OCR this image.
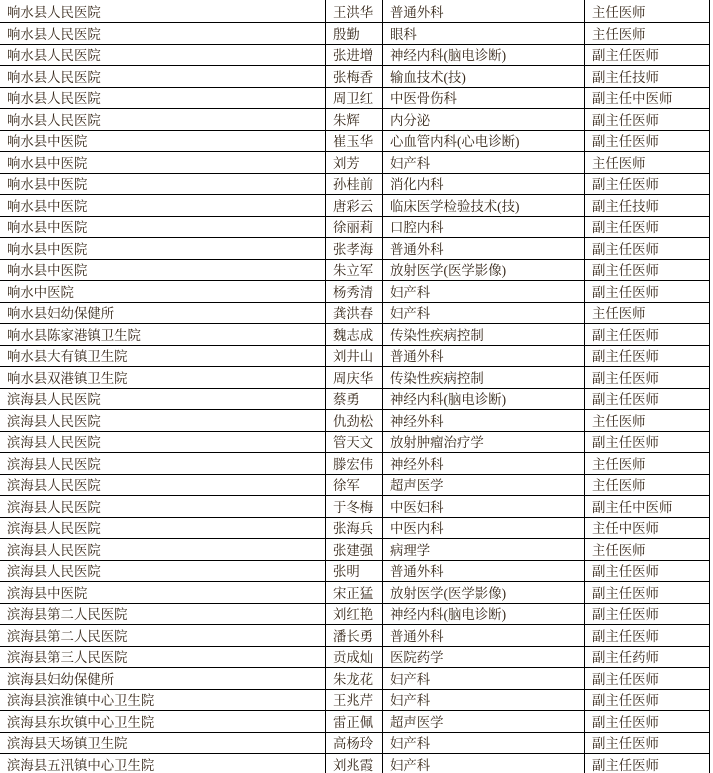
响水县人民医院	王洪华	普通外科	主任医师
响水县人民医院	殷勤	眼科	主任医师
响水县人民医院	张进增	神经内科(脑电诊断)	副主任医师
响水县人民医院	张梅香	输血技术(技)	副主任技师
响水县人民医院	周卫红	中医骨伤科	副主任中医师
响水县人民医院	朱辉	内分泌	副主任医师
响水县中医院	崔玉华	心血管内科(心电诊断)	副主任医师
响水县中医院	刘芳	妇产科	主任医师
响水县中医院	孙桂前	消化内科	副主任医师
响水县中医院	唐彩云	临床医学检验技术(技)	副主任技师
响水县中医院	徐丽莉	口腔内科	副主任医师
响水县中医院	张孝海	普通外科	副主任医师
响水县中医院	朱立军	放射医学(医学影像)	副主任医师
响水中医院	杨秀清	妇产科	副主任医师
响水县妇幼保健所	龚洪春	妇产科	主任医师
响水县陈家港镇卫生院	魏志成	传染性疾病控制	副主任医师
响水县大有镇卫生院	刘井山	普通外科	副主任医师
响水县双港镇卫生院	周庆华	传染性疾病控制	副主任医师
滨海县人民医院	蔡勇	神经内科(脑电诊断)	副主任医师
滨海县人民医院	仇劲松	神经外科	主任医师
滨海县人民医院	管天文	放射肿瘤治疗学	副主任医师
滨海县人民医院	滕宏伟	神经外科	主任医师
滨海县人民医院	徐军	超声医学	主任医师
滨海县人民医院	于冬梅	中医妇科	副主任中医师
滨海县人民医院	张海兵	中医内科	主任中医师
滨海县人民医院	张建强	病理学	主任医师
滨海县人民医院	张明	普通外科	副主任医师
滨海县中医院	宋正猛	放射医学(医学影像)	副主任医师
滨海县第二人民医院	刘红艳	神经内科(脑电诊断)	副主任医师
滨海县第二人民医院	潘长勇	普通外科	副主任医师
滨海县第三人民医院	贡成灿	医院药学	副主任药师
滨海县妇幼保健所	朱龙花	妇产科	副主任医师
滨海县滨淮镇中心卫生院	王兆芹	妇产科	副主任医师
滨海县东坎镇中心卫生院	雷正佩	超声医学	副主任医师
滨海县天场镇卫生院	高杨玲	妇产科	副主任医师
滨海县五汛镇中心卫生院	刘兆霞	妇产科	副主任医师
